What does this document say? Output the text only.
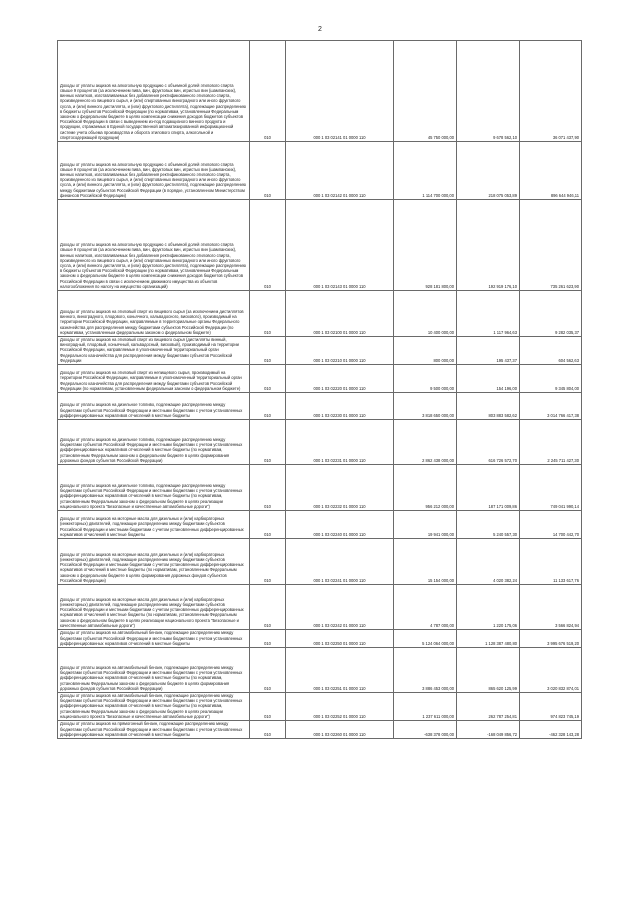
2
Доходы от уплаты акцизов на алкогольную продукцию с объемной долей этилового спирта свыше 9 процентов (за исключением пива, вин, фруктовых вин, игристых вин (шампанских), винных напитков, изготавливаемых без добавления ректификованного этилового спирта, произведенного из пищевого сырья, и (или) спиртованных виноградного или иного фруктового сусла, и (или) винного дистиллята, и (или) фруктового дистиллята), подлежащие распределению в бюджеты субъектов Российской Федерации (по нормативам, установленным Федеральным законом о федеральном бюджете в целях компенсации снижения доходов бюджетов субъектов Российской Федерации в связи с выведением из-под подакцизного винного продукта и продукции, отражаемых в Единой государственной автоматизированной информационной системе учета объема производства и оборота этилового спирта, алкогольной и спиртосодержащей продукции)	010	000 1 03 02141 01 0000 110	45 750 000,00	9 678 562,10	36 071 437,90
Доходы от уплаты акцизов на алкогольную продукцию с объемной долей этилового спирта свыше 9 процентов (за исключением пива, вин, фруктовых вин, игристых вин (шампанских), винных напитков, изготавливаемых без добавления ректификованного этилового спирта, произведенного из пищевого сырья, и (или) спиртованных виноградного или иного фруктового сусла, и (или) винного дистиллята, и (или) фруктового дистиллята), подлежащие распределению между бюджетами субъектов Российской Федерации (в порядке, установленном Министерством финансов Российской Федерации)	010	000 1 03 02142 01 0000 110	1 114 700 000,00	218 075 053,89	896 644 946,11
Доходы от уплаты акцизов на алкогольную продукцию с объемной долей этилового спирта свыше 9 процентов (за исключением пива, вин, фруктовых вин, игристых вин (шампанских), винных напитков, изготавливаемых без добавления ректификованного этилового спирта, произведенного из пищевого сырья, и (или) спиртованных виноградного или иного фруктового сусла, и (или) винного дистиллята, и (или) фруктового дистиллята), подлежащие распределению в бюджеты субъектов Российской Федерации (по нормативам, установленным Федеральным законом о федеральном бюджете в целях компенсации снижения доходов бюджетов субъектов Российской Федерации в связи с исключением движимого имущества из объектов налогообложения по налогу на имущество организаций)	010	000 1 03 02143 01 0000 110	928 181 800,00	192 919 176,10	735 261 623,90
Доходы от уплаты акцизов на этиловый спирт из пищевого сырья (за исключением дистиллятов винного, виноградного, плодового, коньячного, кальвадосного, вискового), производимый на территории Российской Федерации, направляемые в территориальные органы Федерального казначейства для распределения между бюджетами субъектов Российской Федерации (по нормативам, установленным федеральным законом о федеральном бюджете)	010	000 1 03 02100 01 0000 110	10 400 000,00	1 117 964,63	9 282 035,37
Доходы от уплаты акцизов на этиловый спирт из пищевого сырья (дистилляты винный, виноградный, плодовый, коньячный, кальвадосный, висковый), производимый на территории Российской Федерации, направляемые в уполномоченный территориальный орган Федерального казначейства для распределения между бюджетами субъектов Российской Федерации	010	000 1 03 02210 01 0000 110	800 000,00	195 437,37	604 562,63
Доходы от уплаты акцизов на этиловый спирт из непищевого сырья, производимый на территории Российской Федерации, направляемые в уполномоченный территориальный орган Федерального казначейства для распределения между бюджетами субъектов Российской Федерации (по нормативам, установленным федеральным законом о федеральном бюджете)	010	000 1 03 02220 01 0000 110	9 500 000,00	154 196,00	9 345 804,00
Доходы от уплаты акцизов на дизельное топливо, подлежащие распределению между бюджетами субъектов Российской Федерации и местными бюджетами с учетом установленных дифференцированных нормативов отчислений в местные бюджеты	010	000 1 03 02230 01 0000 110	3 818 650 000,00	803 883 582,62	3 014 766 417,38
Доходы от уплаты акцизов на дизельное топливо, подлежащие распределению между бюджетами субъектов Российской Федерации и местными бюджетами с учетом установленных дифференцированных нормативов отчислений в местные бюджеты (по нормативам, установленным Федеральным законом о федеральном бюджете в целях формирования дорожных фондов субъектов Российской Федерации)	010	000 1 03 02231 01 0000 110	2 862 438 000,00	616 726 572,70	2 245 711 427,30
Доходы от уплаты акцизов на дизельное топливо, подлежащие распределению между бюджетами субъектов Российской Федерации и местными бюджетами с учетом установленных дифференцированных нормативов отчислений в местные бюджеты (по нормативам, установленным Федеральным законом о федеральном бюджете в целях реализации национального проекта "Безопасные и качественные автомобильные дороги")	010	000 1 03 02232 01 0000 110	956 212 000,00	187 171 009,86	749 041 990,14
Доходы от уплаты акцизов на моторные масла для дизельных и (или) карбюраторных (инжекторных) двигателей, подлежащие распределению между бюджетами субъектов Российской Федерации и местными бюджетами с учетом установленных дифференцированных нормативов отчислений в местные бюджеты	010	000 1 03 02240 01 0000 110	19 941 000,00	5 240 557,30	14 700 442,70
Доходы от уплаты акцизов на моторные масла для дизельных и (или) карбюраторных (инжекторных) двигателей, подлежащие распределению между бюджетами субъектов Российской Федерации и местными бюджетами с учетом установленных дифференцированных нормативов отчислений в местные бюджеты (по нормативам, установленным Федеральным законом о федеральном бюджете в целях формирования дорожных фондов субъектов Российской Федерации)	010	000 1 03 02241 01 0000 110	15 154 000,00	4 020 382,24	11 133 617,76
Доходы от уплаты акцизов на моторные масла для дизельных и (или) карбюраторных (инжекторных) двигателей, подлежащие распределению между бюджетами субъектов Российской Федерации и местными бюджетами с учетом установленных дифференцированных нормативов отчислений в местные бюджеты (по нормативам, установленным Федеральным законом о федеральном бюджете в целях реализации национального проекта "Безопасные и качественные автомобильные дороги")	010	000 1 03 02242 01 0000 110	4 787 000,00	1 220 175,06	3 566 824,94
Доходы от уплаты акцизов на автомобильный бензин, подлежащие распределению между бюджетами субъектов Российской Федерации и местными бюджетами с учетом установленных дифференцированных нормативов отчислений в местные бюджеты	010	000 1 03 02250 01 0000 110	5 124 064 000,00	1 128 387 480,80	3 995 676 519,20
Доходы от уплаты акцизов на автомобильный бензин, подлежащие распределению между бюджетами субъектов Российской Федерации и местными бюджетами с учетом установленных дифференцированных нормативов отчислений в местные бюджеты (по нормативам, установленным Федеральным законом о федеральном бюджете в целях формирования дорожных фондов субъектов Российской Федерации)	010	000 1 03 02251 01 0000 110	3 886 453 000,00	865 620 125,99	3 020 832 874,01
Доходы от уплаты акцизов на автомобильный бензин, подлежащие распределению между бюджетами субъектов Российской Федерации и местными бюджетами с учетом установленных дифференцированных нормативов отчислений в местные бюджеты (по нормативам, установленным Федеральным законом о федеральном бюджете в целях реализации национального проекта "Безопасные и качественные автомобильные дороги")	010	000 1 03 02252 01 0000 110	1 237 611 000,00	262 787 254,81	974 823 745,19
Доходы от уплаты акцизов на прямогонный бензин, подлежащие распределению между бюджетами субъектов Российской Федерации и местными бюджетами с учетом установленных дифференцированных нормативов отчислений в местные бюджеты	010	000 1 03 02260 01 0000 110	-638 378 000,00	-168 049 856,72	-462 328 143,28
